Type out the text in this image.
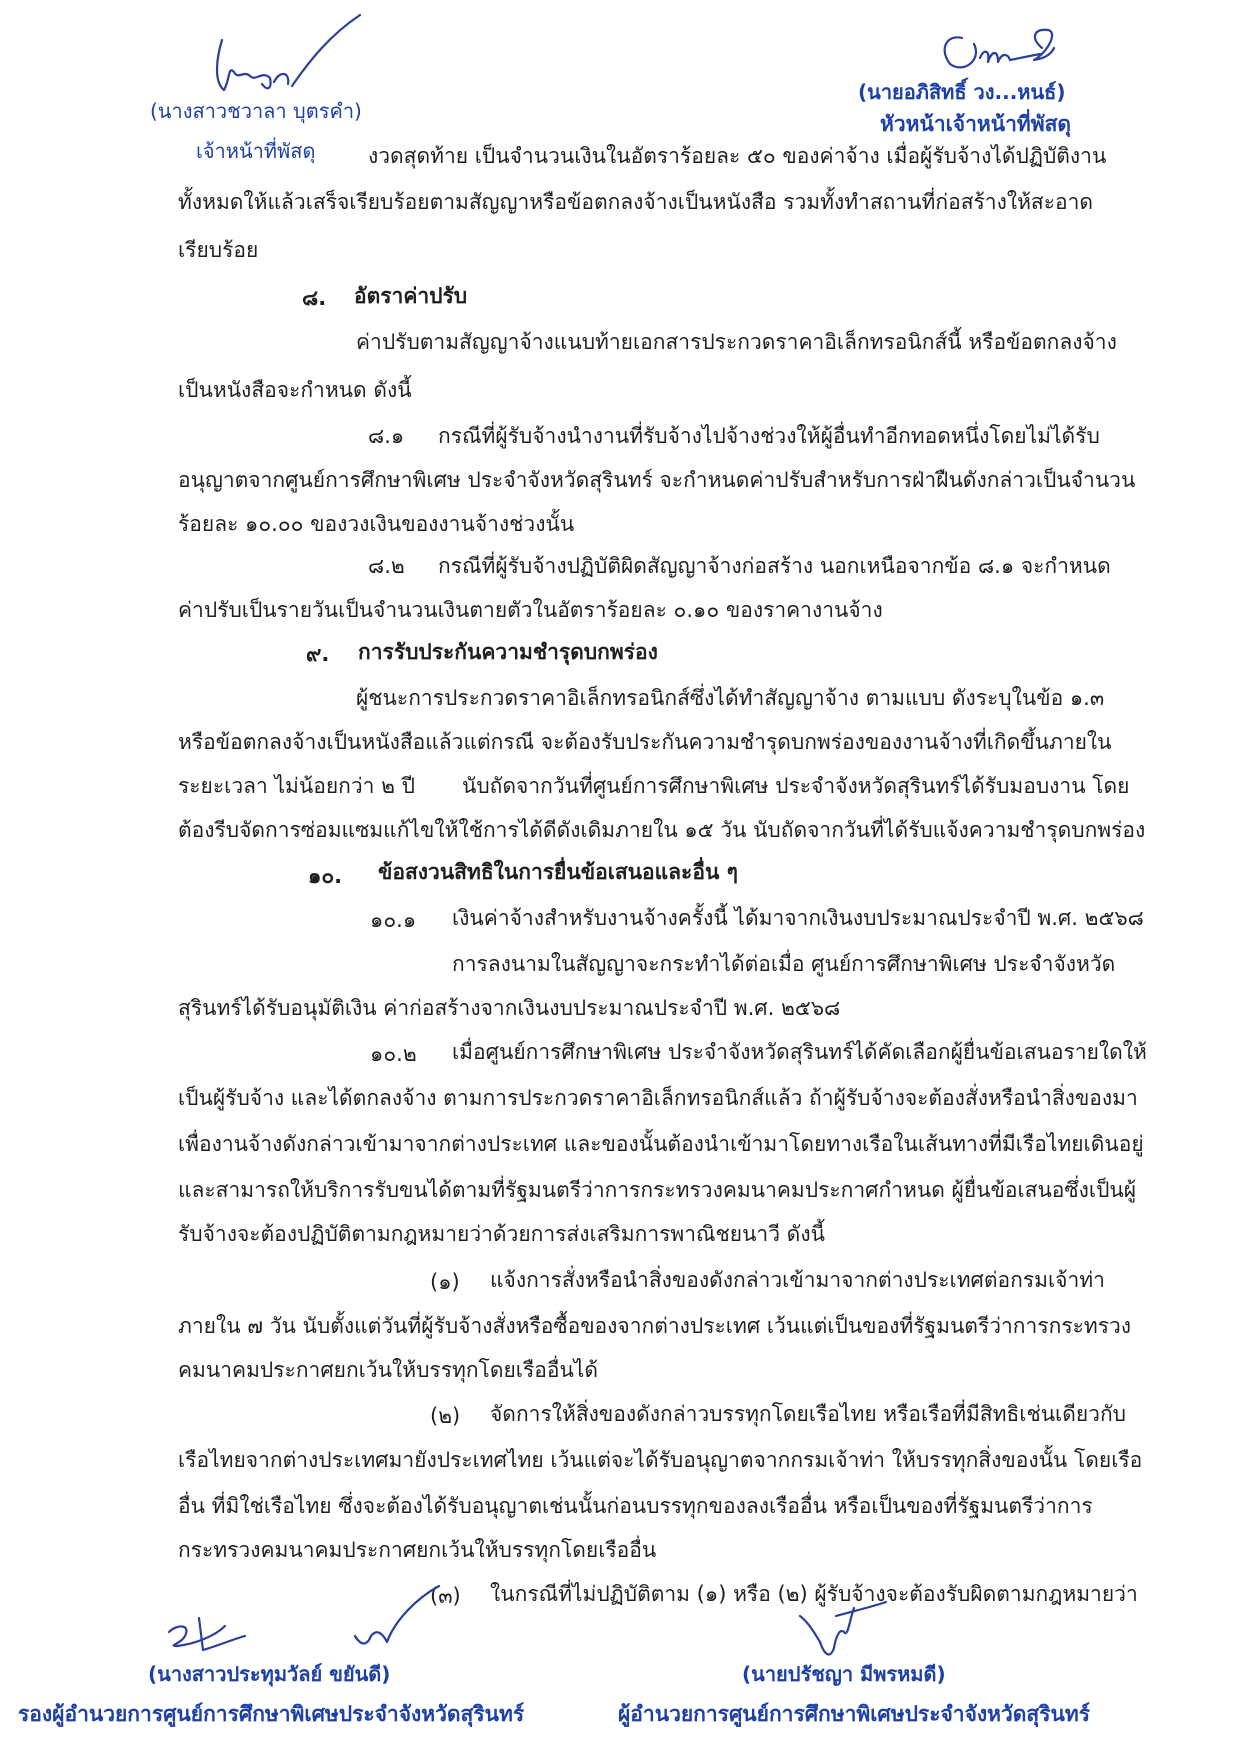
(นางสาวชวาลา บุตรคำ)
เจ้าหน้าที่พัสดุ
(นายอภิสิทธิ์ วง...หนธ์)
หัวหน้าเจ้าหน้าที่พัสดุ
งวดสุดท้าย เป็นจำนวนเงินในอัตราร้อยละ ๕๐ ของค่าจ้าง เมื่อผู้รับจ้างได้ปฏิบัติงาน
ทั้งหมดให้แล้วเสร็จเรียบร้อยตามสัญญาหรือข้อตกลงจ้างเป็นหนังสือ รวมทั้งทำสถานที่ก่อสร้างให้สะอาด
เรียบร้อย
๘. อัตราค่าปรับ
ค่าปรับตามสัญญาจ้างแนบท้ายเอกสารประกวดราคาอิเล็กทรอนิกส์นี้ หรือข้อตกลงจ้าง
เป็นหนังสือจะกำหนด ดังนี้
๘.๑ กรณีที่ผู้รับจ้างนำงานที่รับจ้างไปจ้างช่วงให้ผู้อื่นทำอีกทอดหนึ่งโดยไม่ได้รับ
อนุญาตจากศูนย์การศึกษาพิเศษ ประจำจังหวัดสุรินทร์ จะกำหนดค่าปรับสำหรับการฝ่าฝืนดังกล่าวเป็นจำนวน
ร้อยละ ๑๐.๐๐ ของวงเงินของงานจ้างช่วงนั้น
๘.๒ กรณีที่ผู้รับจ้างปฏิบัติผิดสัญญาจ้างก่อสร้าง นอกเหนือจากข้อ ๘.๑ จะกำหนด
ค่าปรับเป็นรายวันเป็นจำนวนเงินตายตัวในอัตราร้อยละ ๐.๑๐ ของราคางานจ้าง
๙. การรับประกันความชำรุดบกพร่อง
ผู้ชนะการประกวดราคาอิเล็กทรอนิกส์ซึ่งได้ทำสัญญาจ้าง ตามแบบ ดังระบุในข้อ ๑.๓
หรือข้อตกลงจ้างเป็นหนังสือแล้วแต่กรณี จะต้องรับประกันความชำรุดบกพร่องของงานจ้างที่เกิดขึ้นภายใน
ระยะเวลา ไม่น้อยกว่า ๒ ปี นับถัดจากวันที่ศูนย์การศึกษาพิเศษ ประจำจังหวัดสุรินทร์ได้รับมอบงาน โดย
ต้องรีบจัดการซ่อมแซมแก้ไขให้ใช้การได้ดีดังเดิมภายใน ๑๕ วัน นับถัดจากวันที่ได้รับแจ้งความชำรุดบกพร่อง
๑๐. ข้อสงวนสิทธิในการยื่นข้อเสนอและอื่น ๆ
๑๐.๑ เงินค่าจ้างสำหรับงานจ้างครั้งนี้ ได้มาจากเงินงบประมาณประจำปี พ.ศ. ๒๕๖๘
การลงนามในสัญญาจะกระทำได้ต่อเมื่อ ศูนย์การศึกษาพิเศษ ประจำจังหวัด
สุรินทร์ได้รับอนุมัติเงิน ค่าก่อสร้างจากเงินงบประมาณประจำปี พ.ศ. ๒๕๖๘
๑๐.๒ เมื่อศูนย์การศึกษาพิเศษ ประจำจังหวัดสุรินทร์ได้คัดเลือกผู้ยื่นข้อเสนอรายใดให้
เป็นผู้รับจ้าง และได้ตกลงจ้าง ตามการประกวดราคาอิเล็กทรอนิกส์แล้ว ถ้าผู้รับจ้างจะต้องสั่งหรือนำสิ่งของมา
เพื่องานจ้างดังกล่าวเข้ามาจากต่างประเทศ และของนั้นต้องนำเข้ามาโดยทางเรือในเส้นทางที่มีเรือไทยเดินอยู่
และสามารถให้บริการรับขนได้ตามที่รัฐมนตรีว่าการกระทรวงคมนาคมประกาศกำหนด ผู้ยื่นข้อเสนอซึ่งเป็นผู้
รับจ้างจะต้องปฏิบัติตามกฎหมายว่าด้วยการส่งเสริมการพาณิชยนาวี ดังนี้
(๑) แจ้งการสั่งหรือนำสิ่งของดังกล่าวเข้ามาจากต่างประเทศต่อกรมเจ้าท่า
ภายใน ๗ วัน นับตั้งแต่วันที่ผู้รับจ้างสั่งหรือซื้อของจากต่างประเทศ เว้นแต่เป็นของที่รัฐมนตรีว่าการกระทรวง
คมนาคมประกาศยกเว้นให้บรรทุกโดยเรืออื่นได้
(๒) จัดการให้สิ่งของดังกล่าวบรรทุกโดยเรือไทย หรือเรือที่มีสิทธิเช่นเดียวกับ
เรือไทยจากต่างประเทศมายังประเทศไทย เว้นแต่จะได้รับอนุญาตจากกรมเจ้าท่า ให้บรรทุกสิ่งของนั้น โดยเรือ
อื่น ที่มิใช่เรือไทย ซึ่งจะต้องได้รับอนุญาตเช่นนั้นก่อนบรรทุกของลงเรืออื่น หรือเป็นของที่รัฐมนตรีว่าการ
กระทรวงคมนาคมประกาศยกเว้นให้บรรทุกโดยเรืออื่น
(๓) ในกรณีที่ไม่ปฏิบัติตาม (๑) หรือ (๒) ผู้รับจ้างจะต้องรับผิดตามกฎหมายว่า
(นางสาวประทุมวัลย์ ขยันดี)
รองผู้อำนวยการศูนย์การศึกษาพิเศษประจำจังหวัดสุรินทร์
(นายปรัชญา มีพรหมดี)
ผู้อำนวยการศูนย์การศึกษาพิเศษประจำจังหวัดสุรินทร์
